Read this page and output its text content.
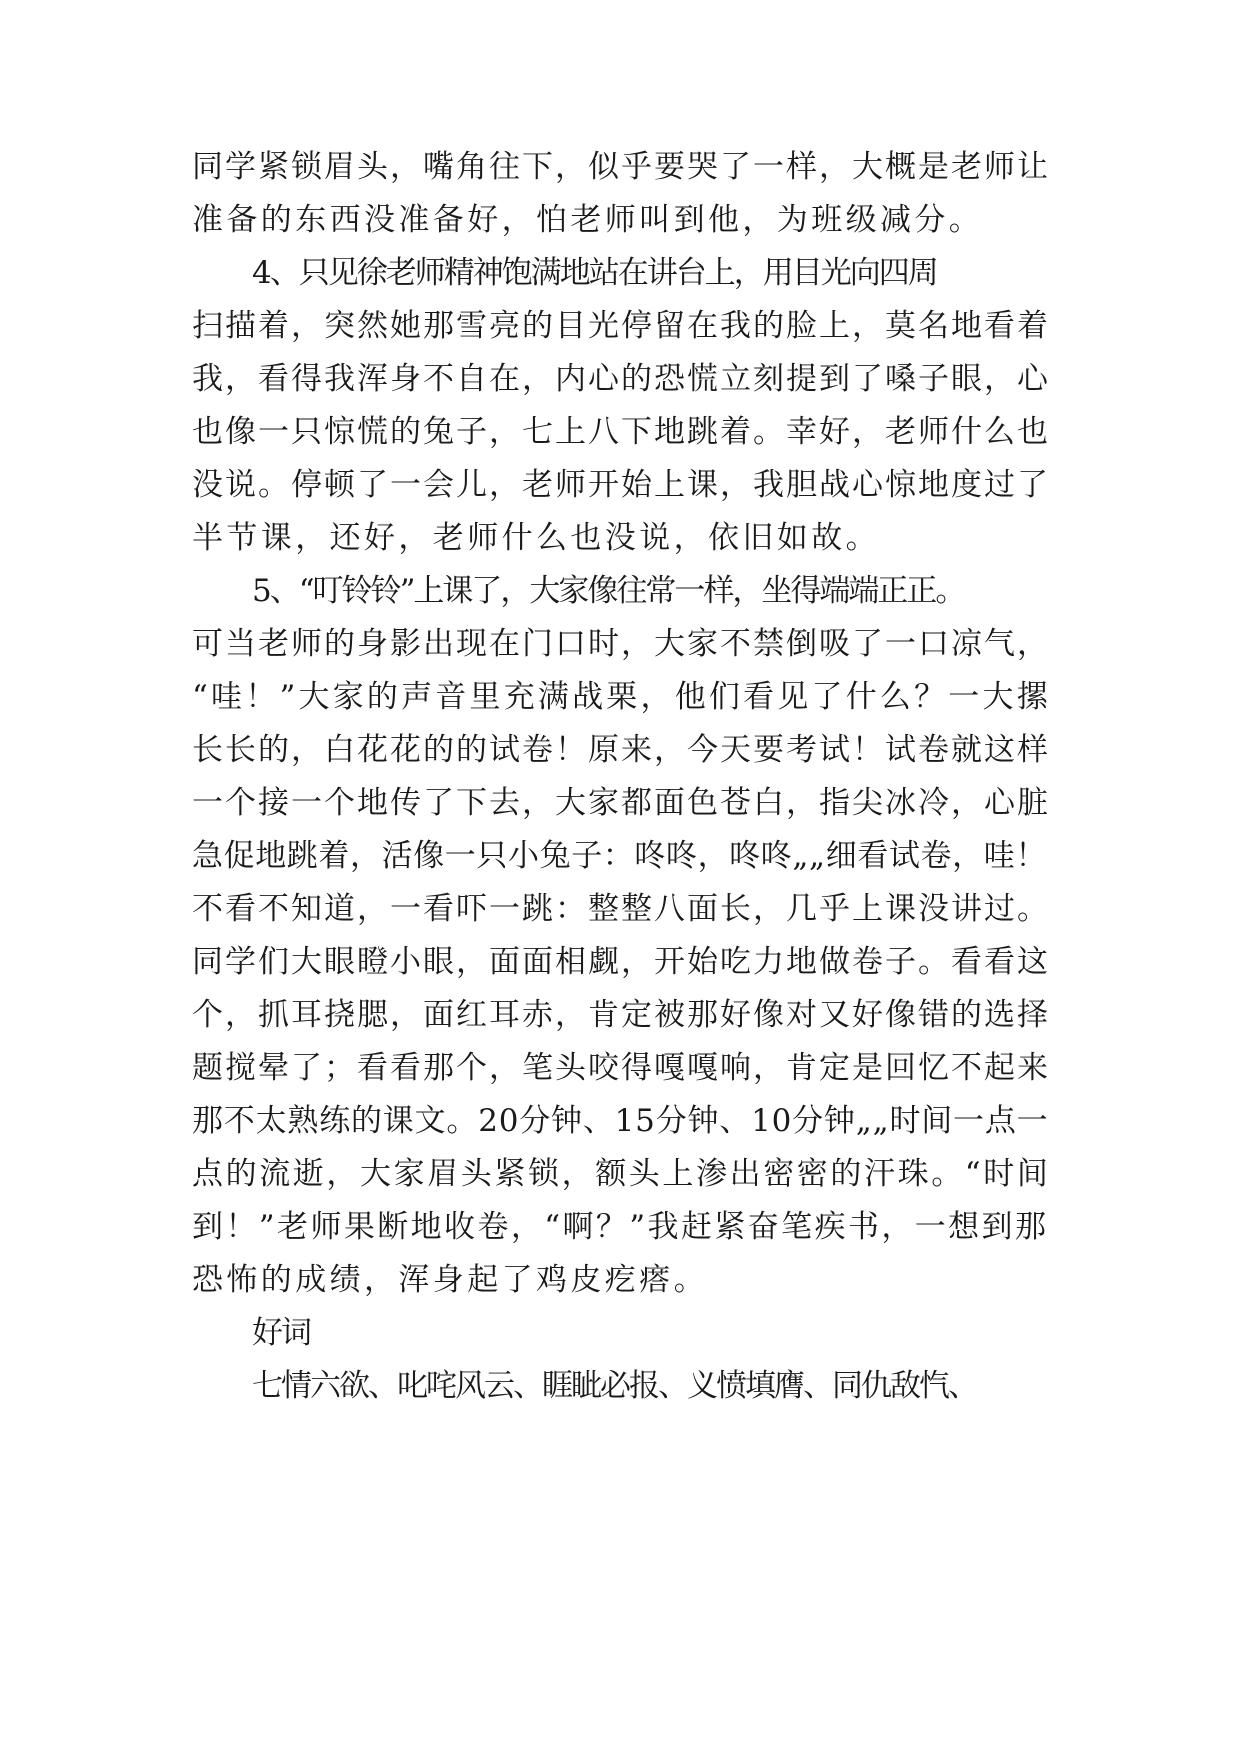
同学紧锁眉头，嘴角往下，似乎要哭了一样，大概是老师让
准备的东西没准备好，怕老师叫到他，为班级减分。
4、只见徐老师精神饱满地站在讲台上，用目光向四周
扫描着，突然她那雪亮的目光停留在我的脸上，莫名地看着
我，看得我浑身不自在，内心的恐慌立刻提到了嗓子眼，心
也像一只惊慌的兔子，七上八下地跳着。幸好，老师什么也
没说。停顿了一会儿，老师开始上课，我胆战心惊地度过了
半节课，还好，老师什么也没说，依旧如故。
5、“叮铃铃”上课了，大家像往常一样，坐得端端正正。
可当老师的身影出现在门口时，大家不禁倒吸了一口凉气，
“哇！”大家的声音里充满战栗，他们看见了什么？一大摞
长长的，白花花的的试卷！原来，今天要考试！试卷就这样
一个接一个地传了下去，大家都面色苍白，指尖冰冷，心脏
急促地跳着，活像一只小兔子：咚咚，咚咚„„细看试卷，哇！
不看不知道，一看吓一跳：整整八面长，几乎上课没讲过。
同学们大眼瞪小眼，面面相觑，开始吃力地做卷子。看看这
个，抓耳挠腮，面红耳赤，肯定被那好像对又好像错的选择
题搅晕了；看看那个，笔头咬得嘎嘎响，肯定是回忆不起来
那不太熟练的课文。20分钟、15分钟、10分钟„„时间一点一
点的流逝，大家眉头紧锁，额头上渗出密密的汗珠。“时间
到！”老师果断地收卷，“啊？”我赶紧奋笔疾书，一想到那
恐怖的成绩，浑身起了鸡皮疙瘩。
好词
七情六欲、叱咤风云、睚眦必报、义愤填膺、同仇敌忾、
